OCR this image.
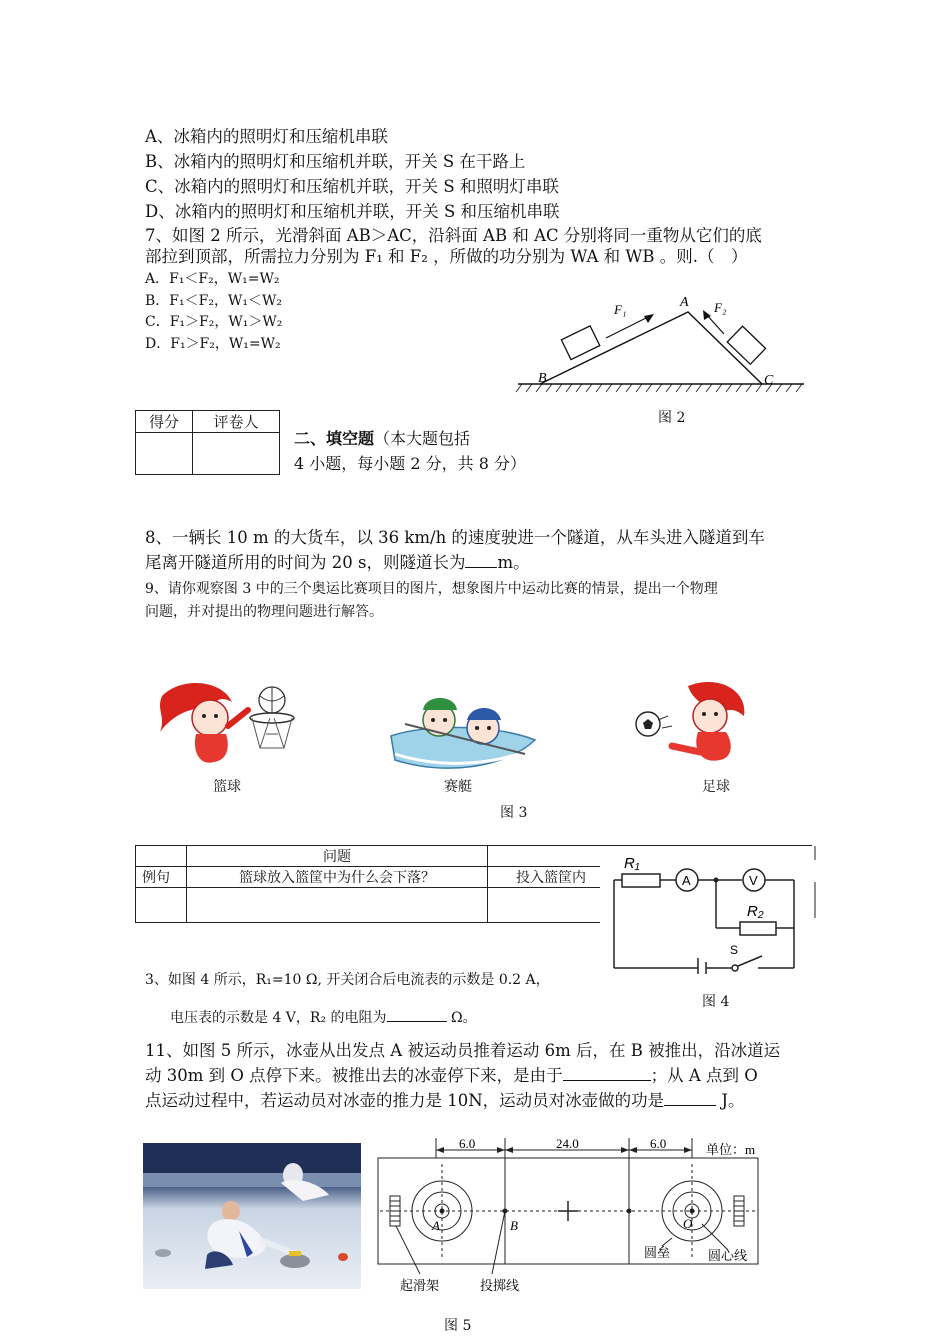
A、冰箱内的照明灯和压缩机串联
B、冰箱内的照明灯和压缩机并联，开关 S 在干路上
C、冰箱内的照明灯和压缩机并联，开关 S 和照明灯串联
D、冰箱内的照明灯和压缩机并联，开关 S 和压缩机串联
7、如图 2 所示，光滑斜面 AB＞AC，沿斜面 AB 和 AC 分别将同一重物从它们的底
部拉到顶部，所需拉力分别为 F₁ 和 F₂ ，所做的功分别为 WA 和 WB 。则.（　）
A．F₁＜F₂，W₁=W₂
B．F₁＜F₂，W₁＜W₂
C．F₁＞F₂，W₁＞W₂
D．F₁＞F₂，W₁=W₂
B
A
C
F₁	F₂
图 2
得分	评卷人

二、填空题（本大题包括
4 小题，每小题 2 分，共 8 分）
8、一辆长 10 m 的大货车，以 36 km/h 的速度驶进一个隧道，从车头进入隧道到车
尾离开隧道所用的时间为 20 s，则隧道长为 m。
9、请你观察图 3 中的三个奥运比赛项目的图片，想象图片中运动比赛的情景，提出一个物理
问题，并对提出的物理问题进行解答。
篮球	赛艇	足球
图 3
	问题	
例句	篮球放入篮筐中为什么会下落？	投入篮筐内

R₁
R₂
A	V
S
图 4
3、如图 4 所示，R₁=10 Ω, 开关闭合后电流表的示数是 0.2 A，
电压表的示数是 4 V，R₂ 的电阻为	Ω。
11、如图 5 所示，冰壶从出发点 A 被运动员推着运动 6m 后，在 B 被推出，沿冰道运
动 30m 到 O 点停下来。被推出去的冰壶停下来，是由于	；从 A 点到 O
点运动过程中，若运动员对冰壶的推力是 10N，运动员对冰壶做的功是	J。
6.0	24.0	6.0	单位：m
A	B	O
圆垒	圆心线
起滑架	投掷线
图 5
